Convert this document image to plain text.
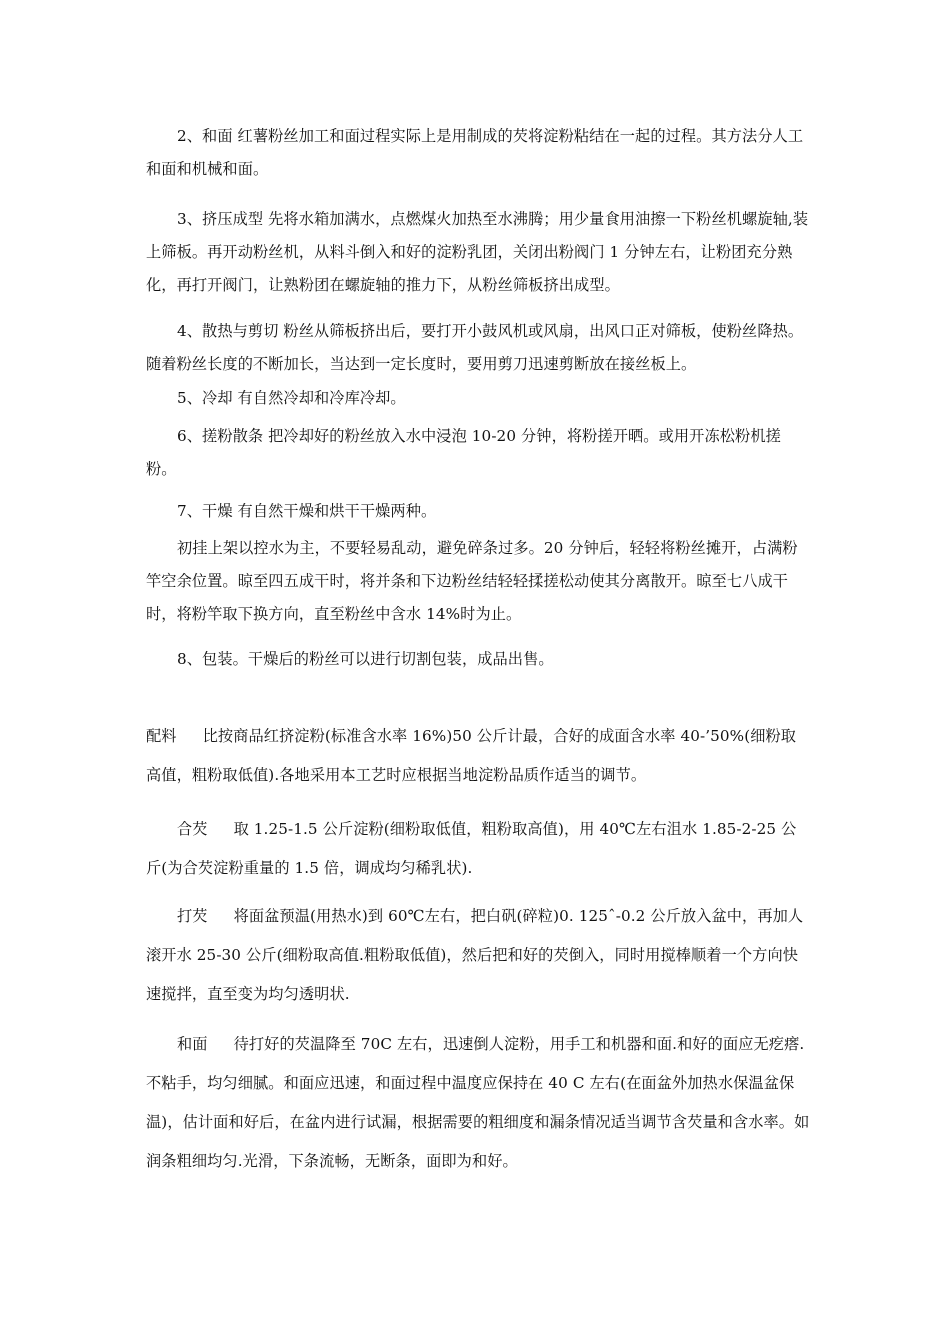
2、和面 红薯粉丝加工和面过程实际上是用制成的芡将淀粉粘结在一起的过程。其方法分人工和面和机械和面。

3、挤压成型 先将水箱加满水，点燃煤火加热至水沸腾；用少量食用油擦一下粉丝机螺旋轴,装上筛板。再开动粉丝机，从料斗倒入和好的淀粉乳团，关闭出粉阀门 1 分钟左右，让粉团充分熟化，再打开阀门，让熟粉团在螺旋轴的推力下，从粉丝筛板挤出成型。

4、散热与剪切 粉丝从筛板挤出后，要打开小鼓风机或风扇，出风口正对筛板，使粉丝降热。随着粉丝长度的不断加长，当达到一定长度时，要用剪刀迅速剪断放在接丝板上。

5、冷却 有自然冷却和冷库冷却。

6、搓粉散条 把冷却好的粉丝放入水中浸泡 10-20 分钟，将粉搓开晒。或用开冻松粉机搓粉。

7、干燥 有自然干燥和烘干干燥两种。

初挂上架以控水为主，不要轻易乱动，避免碎条过多。20 分钟后，轻轻将粉丝摊开，占满粉竿空余位置。晾至四五成干时，将并条和下边粉丝结轻轻揉搓松动使其分离散开。晾至七八成干时，将粉竿取下换方向，直至粉丝中含水 14%时为止。

8、包装。干燥后的粉丝可以进行切割包装，成品出售。

配料 比按商品红挤淀粉(标准含水率 16%)50 公斤计最，合好的成面含水率 40-’50%(细粉取高值，粗粉取低值).各地采用本工艺时应根据当地淀粉品质作适当的调节。

合芡 取 1.25-1.5 公斤淀粉(细粉取低值，粗粉取高值)，用 40℃左右沮水 1.85-2-25 公斤(为合芡淀粉重量的 1.5 倍，调成均匀稀乳状).

打芡 将面盆预温(用热水)到 60℃左右，把白矾(碎粒)0. 125ˆ-0.2 公斤放入盆中，再加人滚开水 25-30 公斤(细粉取高值.粗粉取低值)，然后把和好的芡倒入，同时用搅棒顺着一个方向快速搅拌，直至变为均匀透明状.

和面 待打好的芡温降至 70C 左右，迅速倒人淀粉，用手工和机器和面.和好的面应无疙瘩.不粘手，均匀细腻。和面应迅速，和面过程中温度应保持在 40 C 左右(在面盆外加热水保温盆保温)，估计面和好后，在盆内进行试漏，根据需要的粗细度和漏条情况适当调节含芡量和含水率。如润条粗细均匀.光滑，下条流畅，无断条，面即为和好。
